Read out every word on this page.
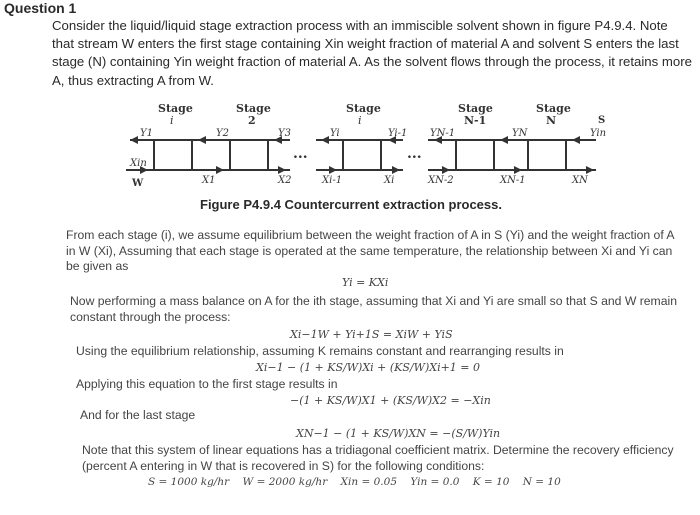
Question 1
Consider the liquid/liquid stage extraction process with an immiscible solvent shown in figure P4.9.4. Note that stream W enters the first stage containing Xin weight fraction of material A and solvent S enters the last stage (N) containing Yin weight fraction of material A. As the solvent flows through the process, it retains more A, thus extracting A from W.
...	...
Stage
i
Stage
2
Stage
i
Stage
N-1
Stage
N
Y1	Y2	Y3	Yi	Yi-1 YN-1	YN
S
Yin
Xin
W	X1	X2	Xi-1	Xi	XN-2	XN-1	XN
Figure P4.9.4 Countercurrent extraction process.
From each stage (i), we assume equilibrium between the weight fraction of A in S (Yi) and the weight fraction of A in W (Xi), Assuming that each stage is operated at the same temperature, the relationship between Xi and Yi can be given as
Yi = KXi
Now performing a mass balance on A for the ith stage, assuming that Xi and Yi are small so that S and W remain constant through the process:
Xi−1W + Yi+1S = XiW + YiS
Using the equilibrium relationship, assuming K remains constant and rearranging results in
Xi−1 − (1 + KS/W)Xi + (KS/W)Xi+1 = 0
Applying this equation to the first stage results in
−(1 + KS/W)X1 + (KS/W)X2 = −Xin
And for the last stage
XN−1 − (1 + KS/W)XN = −(S/W)Yin
Note that this system of linear equations has a tridiagonal coefficient matrix. Determine the recovery efficiency (percent A entering in W that is recovered in S) for the following conditions:
S = 1000 kg/hr    W = 2000 kg/hr    Xin = 0.05    Yin = 0.0    K = 10    N = 10
